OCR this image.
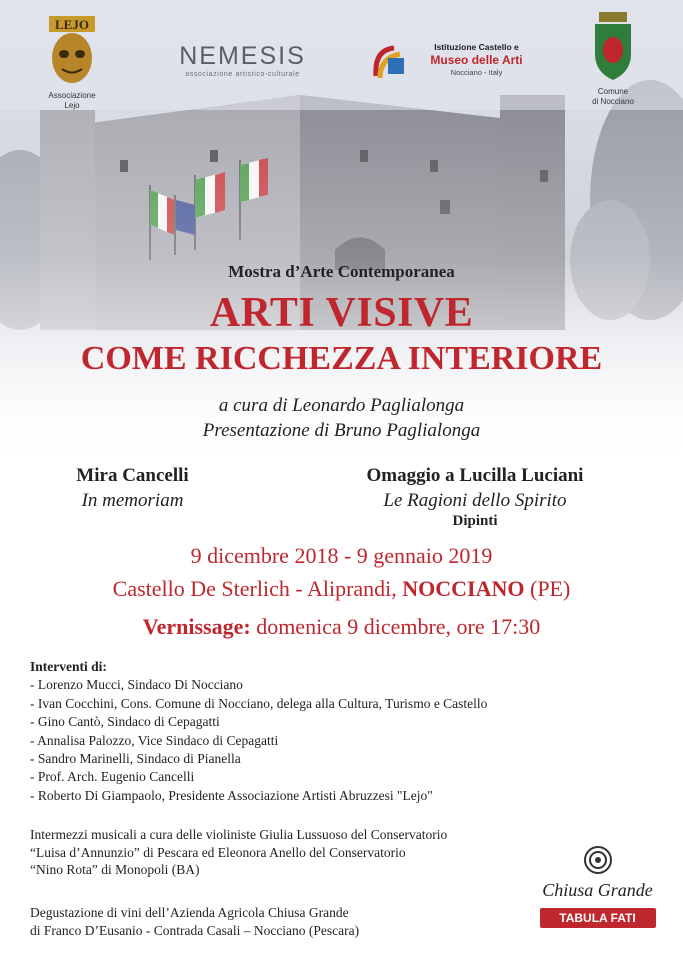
LEJO
Associazione
Lejo
NEMESIS
associazione artistico-culturale
Istituzione Castello e
Museo delle Arti
Nocciano - Italy
Comune
di Nocciano
Mostra d’Arte Contemporanea
ARTI VISIVE
COME RICCHEZZA INTERIORE
a cura di Leonardo Paglialonga
Presentazione di Bruno Paglialonga
Mira Cancelli
In memoriam
Omaggio a Lucilla Luciani
Le Ragioni dello Spirito
Dipinti
9 dicembre 2018 - 9 gennaio 2019
Castello De Sterlich - Aliprandi, NOCCIANO (PE)
Vernissage: domenica 9 dicembre, ore 17:30
Interventi di:
- Lorenzo Mucci, Sindaco Di Nocciano
- Ivan Cocchini, Cons. Comune di Nocciano, delega alla Cultura, Turismo e Castello
- Gino Cantò, Sindaco di Cepagatti
- Annalisa Palozzo, Vice Sindaco di Cepagatti
- Sandro Marinelli, Sindaco di Pianella
- Prof. Arch. Eugenio Cancelli
- Roberto Di Giampaolo, Presidente Associazione Artisti Abruzzesi "Lejo"
Intermezzi musicali a cura delle violiniste Giulia Lussuoso del Conservatorio
“Luisa d’Annunzio” di Pescara ed Eleonora Anello del Conservatorio
“Nino Rota” di Monopoli (BA)
Degustazione di vini dell’Azienda Agricola Chiusa Grande
di Franco D’Eusanio - Contrada Casali – Nocciano (Pescara)
Chiusa Grande
TABULA FATI
